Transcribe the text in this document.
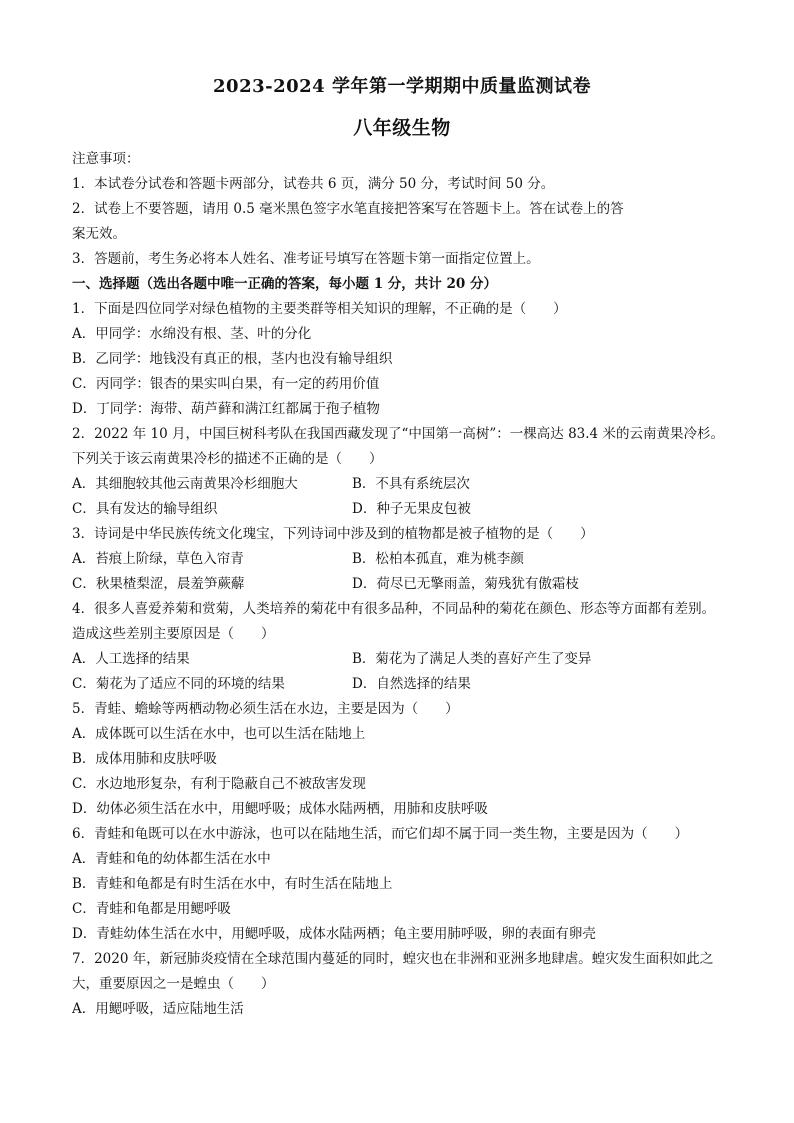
2023-2024 学年第一学期期中质量监测试卷
八年级生物
注意事项：
1．本试卷分试卷和答题卡两部分，试卷共 6 页，满分 50 分，考试时间 50 分。
2．试卷上不要答题，请用 0.5 毫米黑色签字水笔直接把答案写在答题卡上。答在试卷上的答
案无效。
3．答题前，考生务必将本人姓名、准考证号填写在答题卡第一面指定位置上。
一、选择题（选出各题中唯一正确的答案，每小题 1 分，共计 20 分）
1．下面是四位同学对绿色植物的主要类群等相关知识的理解，不正确的是（　　）
A．甲同学：水绵没有根、茎、叶的分化
B．乙同学：地钱没有真正的根，茎内也没有输导组织
C．丙同学：银杏的果实叫白果，有一定的药用价值
D．丁同学：海带、葫芦藓和满江红都属于孢子植物
2．2022 年 10 月，中国巨树科考队在我国西藏发现了“中国第一高树”：一棵高达 83.4 米的云南黄果冷杉。
下列关于该云南黄果冷杉的描述不正确的是（　　）
A．其细胞较其他云南黄果冷杉细胞大	B．不具有系统层次
C．具有发达的输导组织	D．种子无果皮包被
3．诗词是中华民族传统文化瑰宝，下列诗词中涉及到的植物都是被子植物的是（　　）
A．苔痕上阶绿，草色入帘青	B．松柏本孤直，难为桃李颜
C．秋果楂梨涩，晨羞笋蕨薢	D．荷尽已无擎雨盖，菊残犹有傲霜枝
4．很多人喜爱养菊和赏菊，人类培养的菊花中有很多品种，不同品种的菊花在颜色、形态等方面都有差别。
造成这些差别主要原因是（　　）
A．人工选择的结果	B．菊花为了满足人类的喜好产生了变异
C．菊花为了适应不同的环境的结果	D．自然选择的结果
5．青蛙、蟾蜍等两栖动物必须生活在水边，主要是因为（　　）
A．成体既可以生活在水中，也可以生活在陆地上
B．成体用肺和皮肤呼吸
C．水边地形复杂，有利于隐蔽自己不被敌害发现
D．幼体必须生活在水中，用鳃呼吸；成体水陆两栖，用肺和皮肤呼吸
6．青蛙和龟既可以在水中游泳，也可以在陆地生活，而它们却不属于同一类生物，主要是因为（　　）
A．青蛙和龟的幼体都生活在水中
B．青蛙和龟都是有时生活在水中，有时生活在陆地上
C．青蛙和龟都是用鳃呼吸
D．青蛙幼体生活在水中，用鳃呼吸，成体水陆两栖；龟主要用肺呼吸，卵的表面有卵壳
7．2020 年，新冠肺炎疫情在全球范围内蔓延的同时，蝗灾也在非洲和亚洲多地肆虐。蝗灾发生面积如此之
大，重要原因之一是蝗虫（　　）
A．用鳃呼吸，适应陆地生活
